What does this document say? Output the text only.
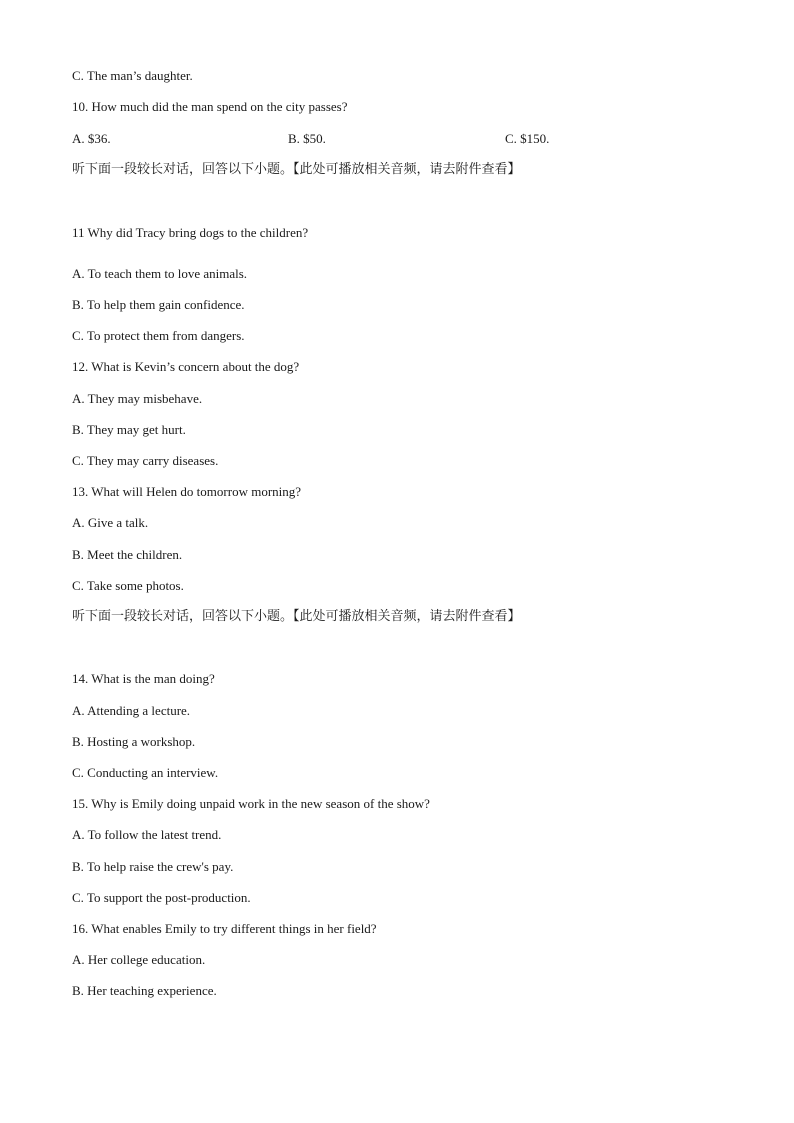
C. The man’s daughter.
10. How much did the man spend on the city passes?
A. $36.	B. $50.	C. $150.
听下面一段较长对话，回答以下小题。【此处可播放相关音频，请去附件查看】
11 Why did Tracy bring dogs to the children?
A. To teach them to love animals.
B. To help them gain confidence.
C. To protect them from dangers.
12. What is Kevin’s concern about the dog?
A. They may misbehave.
B. They may get hurt.
C. They may carry diseases.
13. What will Helen do tomorrow morning?
A. Give a talk.
B. Meet the children.
C. Take some photos.
听下面一段较长对话，回答以下小题。【此处可播放相关音频，请去附件查看】
14. What is the man doing?
A. Attending a lecture.
B. Hosting a workshop.
C. Conducting an interview.
15. Why is Emily doing unpaid work in the new season of the show?
A. To follow the latest trend.
B. To help raise the crew's pay.
C. To support the post-production.
16. What enables Emily to try different things in her field?
A. Her college education.
B. Her teaching experience.
